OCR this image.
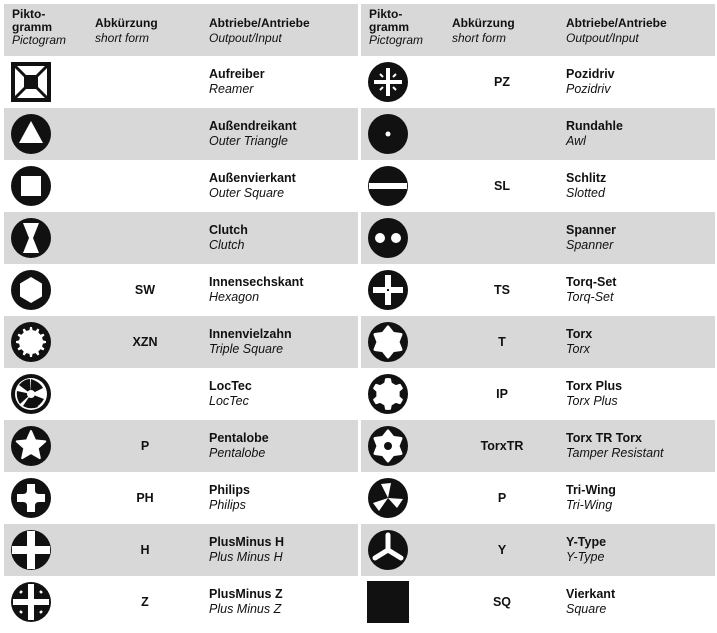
Pikto-
gramm
Pictogram
Abkürzung
short form
Abtriebe/Antriebe
Outpout/Input
Aufreiber
Reamer
Außendreikant
Outer Triangle
Außenvierkant
Outer Square
Clutch
Clutch
SW
Innensechskant
Hexagon
XZN
Innenvielzahn
Triple Square
LocTec
LocTec
P
Pentalobe
Pentalobe
PH
Philips
Philips
H
PlusMinus H
Plus Minus H
Z
PlusMinus Z
Plus Minus Z
Pikto-
gramm
Pictogram
Abkürzung
short form
Abtriebe/Antriebe
Outpout/Input
PZ
Pozidriv
Pozidriv
Rundahle
Awl
SL
Schlitz
Slotted
Spanner
Spanner
TS
Torq-Set
Torq-Set
T
Torx
Torx
IP
Torx Plus
Torx Plus
TorxTR
Torx TR Torx
Tamper Resistant
P
Tri-Wing
Tri-Wing
Y
Y-Type
Y-Type
SQ
Vierkant
Square
